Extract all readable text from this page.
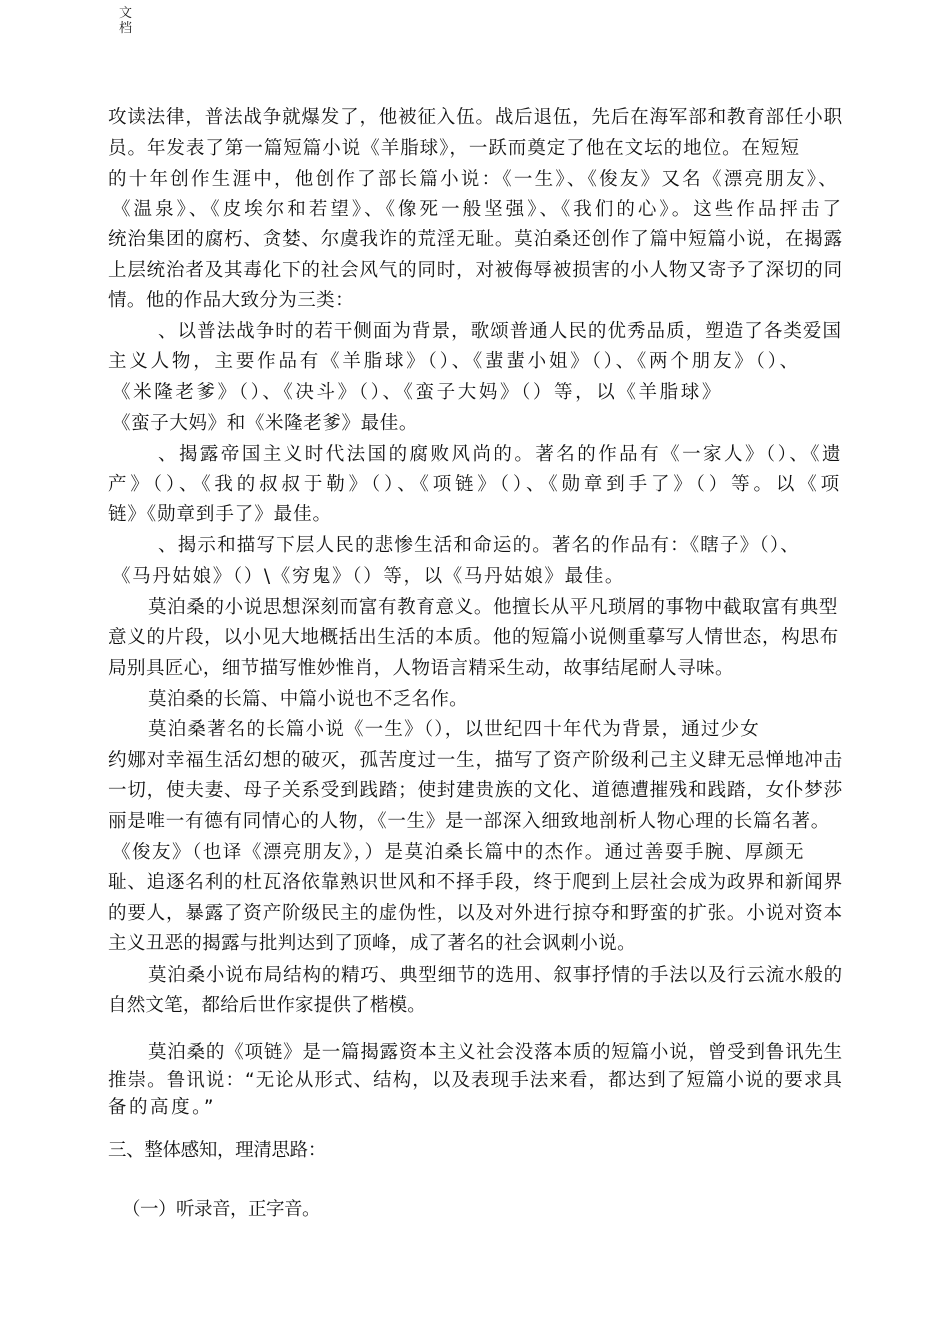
文
档
攻读法律，普法战争就爆发了，他被征入伍。战后退伍，先后在海军部和教育部任小职
员。年发表了第一篇短篇小说《羊脂球》，一跃而奠定了他在文坛的地位。在短短
的十年创作生涯中，他创作了部长篇小说：《一生》、《俊友》又名《漂亮朋友》、
《温泉》、《皮埃尔和若望》、《像死一般坚强》、《我们的心》。这些作品抨击了
统治集团的腐朽、贪婪、尔虞我诈的荒淫无耻。莫泊桑还创作了篇中短篇小说，在揭露
上层统治者及其毒化下的社会风气的同时，对被侮辱被损害的小人物又寄予了深切的同
情。他的作品大致分为三类：
、以普法战争时的若干侧面为背景，歌颂普通人民的优秀品质，塑造了各类爱国
主义人物，主要作品有《羊脂球》（）、《蜚蜚小姐》（）、《两个朋友》（）、
《米隆老爹》（）、《决斗》（）、《蛮子大妈》（）等，以《羊脂球》
《蛮子大妈》和《米隆老爹》最佳。
、揭露帝国主义时代法国的腐败风尚的。著名的作品有《一家人》（）、《遗
产》（）、《我的叔叔于勒》（）、《项链》（）、《勋章到手了》（）等。以《项
链》《勋章到手了》最佳。
、揭示和描写下层人民的悲惨生活和命运的。著名的作品有：《瞎子》（）、
《马丹姑娘》（）\《穷鬼》（）等，以《马丹姑娘》最佳。
莫泊桑的小说思想深刻而富有教育意义。他擅长从平凡琐屑的事物中截取富有典型
意义的片段，以小见大地概括出生活的本质。他的短篇小说侧重摹写人情世态，构思布
局别具匠心，细节描写惟妙惟肖，人物语言精采生动，故事结尾耐人寻味。
莫泊桑的长篇、中篇小说也不乏名作。
莫泊桑著名的长篇小说《一生》（），以世纪四十年代为背景，通过少女
约娜对幸福生活幻想的破灭，孤苦度过一生，描写了资产阶级利己主义肆无忌惮地冲击
一切，使夫妻、母子关系受到践踏；使封建贵族的文化、道德遭摧残和践踏，女仆梦莎
丽是唯一有德有同情心的人物，《一生》是一部深入细致地剖析人物心理的长篇名著。
《俊友》（也译《漂亮朋友》，）是莫泊桑长篇中的杰作。通过善耍手腕、厚颜无
耻、追逐名利的杜瓦洛依靠熟识世风和不择手段，终于爬到上层社会成为政界和新闻界
的要人，暴露了资产阶级民主的虚伪性，以及对外进行掠夺和野蛮的扩张。小说对资本
主义丑恶的揭露与批判达到了顶峰，成了著名的社会讽刺小说。
莫泊桑小说布局结构的精巧、典型细节的选用、叙事抒情的手法以及行云流水般的
自然文笔，都给后世作家提供了楷模。
莫泊桑的《项链》是一篇揭露资本主义社会没落本质的短篇小说，曾受到鲁讯先生
推崇。鲁讯说：“无论从形式、结构，以及表现手法来看，都达到了短篇小说的要求具
备的高度。”
三、整体感知，理清思路：
（一）听录音，正字音。
